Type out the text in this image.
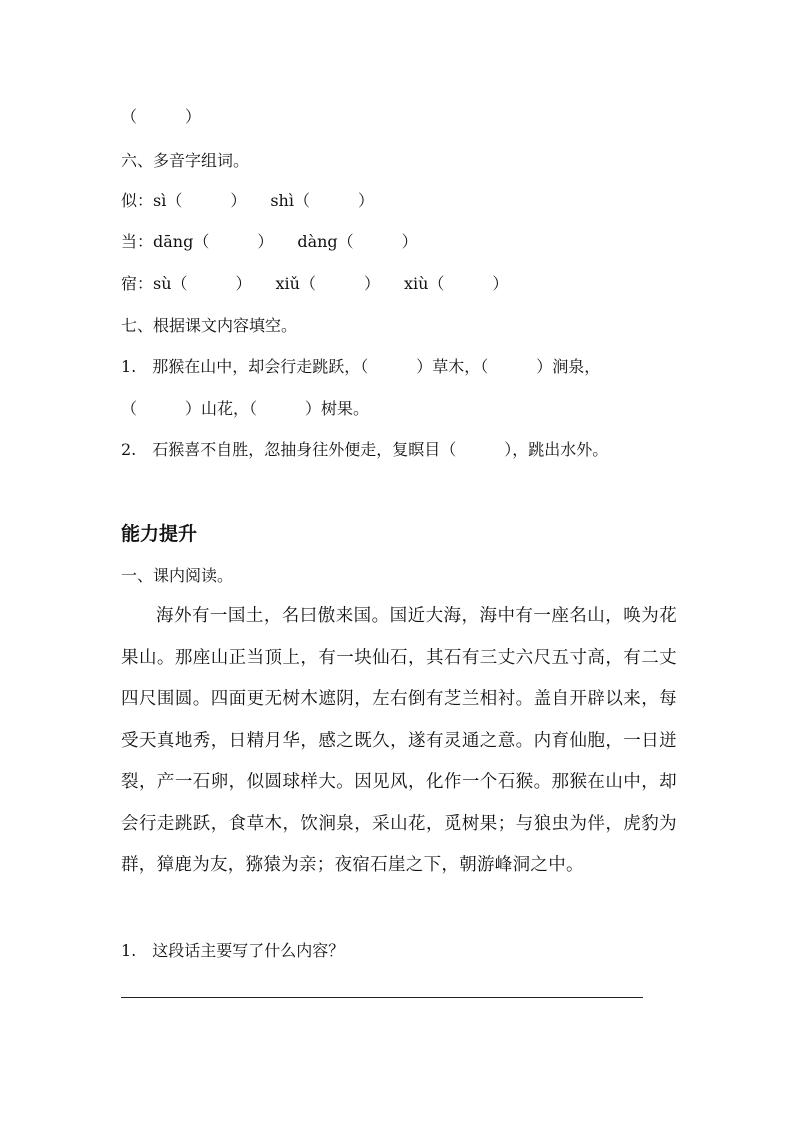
（　　　）
六、多音字组词。
似：sì（　　　）　　shì（　　　）
当：dāng（　　　）　　dàng（　　　）
宿：sù（　　　）　　xiǔ（　　　）　　xiù（　　　）
七、根据课文内容填空。
1.　那猴在山中，却会行走跳跃，（　　　）草木，（　　　）涧泉，
（　　　）山花，（　　　）树果。
2.　石猴喜不自胜，忽抽身往外便走，复瞑目（　　　），跳出水外。
能力提升
一、课内阅读。
海外有一国土，名曰傲来国。国近大海，海中有一座名山，唤为花果山。那座山正当顶上，有一块仙石，其石有三丈六尺五寸高，有二丈四尺围圆。四面更无树木遮阴，左右倒有芝兰相衬。盖自开辟以来，每受天真地秀，日精月华，感之既久，遂有灵通之意。内育仙胞，一日迸裂，产一石卵，似圆球样大。因见风，化作一个石猴。那猴在山中，却会行走跳跃，食草木，饮涧泉，采山花，觅树果；与狼虫为伴，虎豹为群，獐鹿为友，猕猿为亲；夜宿石崖之下，朝游峰洞之中。
1.　这段话主要写了什么内容？
